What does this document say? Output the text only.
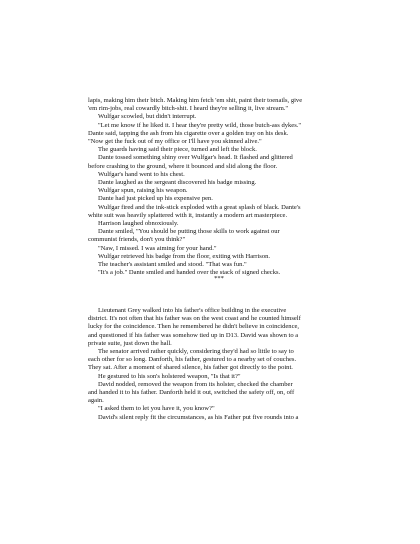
lapis, making him their bitch. Making him fetch 'em shit, paint their toenails, give

'em rim-jobs, real cowardly bitch-shit. I heard they're selling it, live stream."

Wulfgar scowled, but didn't interrupt.

"Let me know if he liked it. I hear they're pretty wild, those butch-ass dykes."

Dante said, tapping the ash from his cigarette over a golden tray on his desk.

"Now get the fuck out of my office or I'll have you skinned alive."

The guards having said their piece, turned and left the block.

Dante tossed something shiny over Wulfgar's head. It flashed and glittered

before crashing to the ground, where it bounced and slid along the floor.

Wulfgar's hand went to his chest.

Dante laughed as the sergeant discovered his badge missing.

Wulfgar spun, raising his weapon.

Dante had just picked up his expensive pen.

Wulfgar fired and the ink-stick exploded with a great splash of black. Dante's

white suit was heavily splattered with it, instantly a modern art masterpiece.

Harrison laughed obnoxiously.

Dante smiled, "You should be putting those skills to work against our

communist friends, don't you think?"

"Naw, I missed. I was aiming for your hand."

Wulfgar retrieved his badge from the floor, exiting with Harrison.

The teacher's assistant smiled and stood. "That was fun."

"It's a job." Dante smiled and handed over the stack of signed checks.

***

Lieutenant Grey walked into his father's office building in the executive

district. It's not often that his father was on the west coast and he counted himself

lucky for the coincidence. Then he remembered he didn't believe in coincidence,

and questioned if his father was somehow tied up in D13. David was shown to a

private suite, just down the hall.

The senator arrived rather quickly, considering they'd had so little to say to

each other for so long. Danforth, his father, gestured to a nearby set of couches.

They sat. After a moment of shared silence, his father got directly to the point.

He gestured to his son's holstered weapon, "Is that it?"

David nodded, removed the weapon from its holster, checked the chamber

and handed it to his father. Danforth held it out, switched the safety off, on, off

again.

"I asked them to let you have it, you know?"

David's silent reply fit the circumstances, as his Father put five rounds into a
